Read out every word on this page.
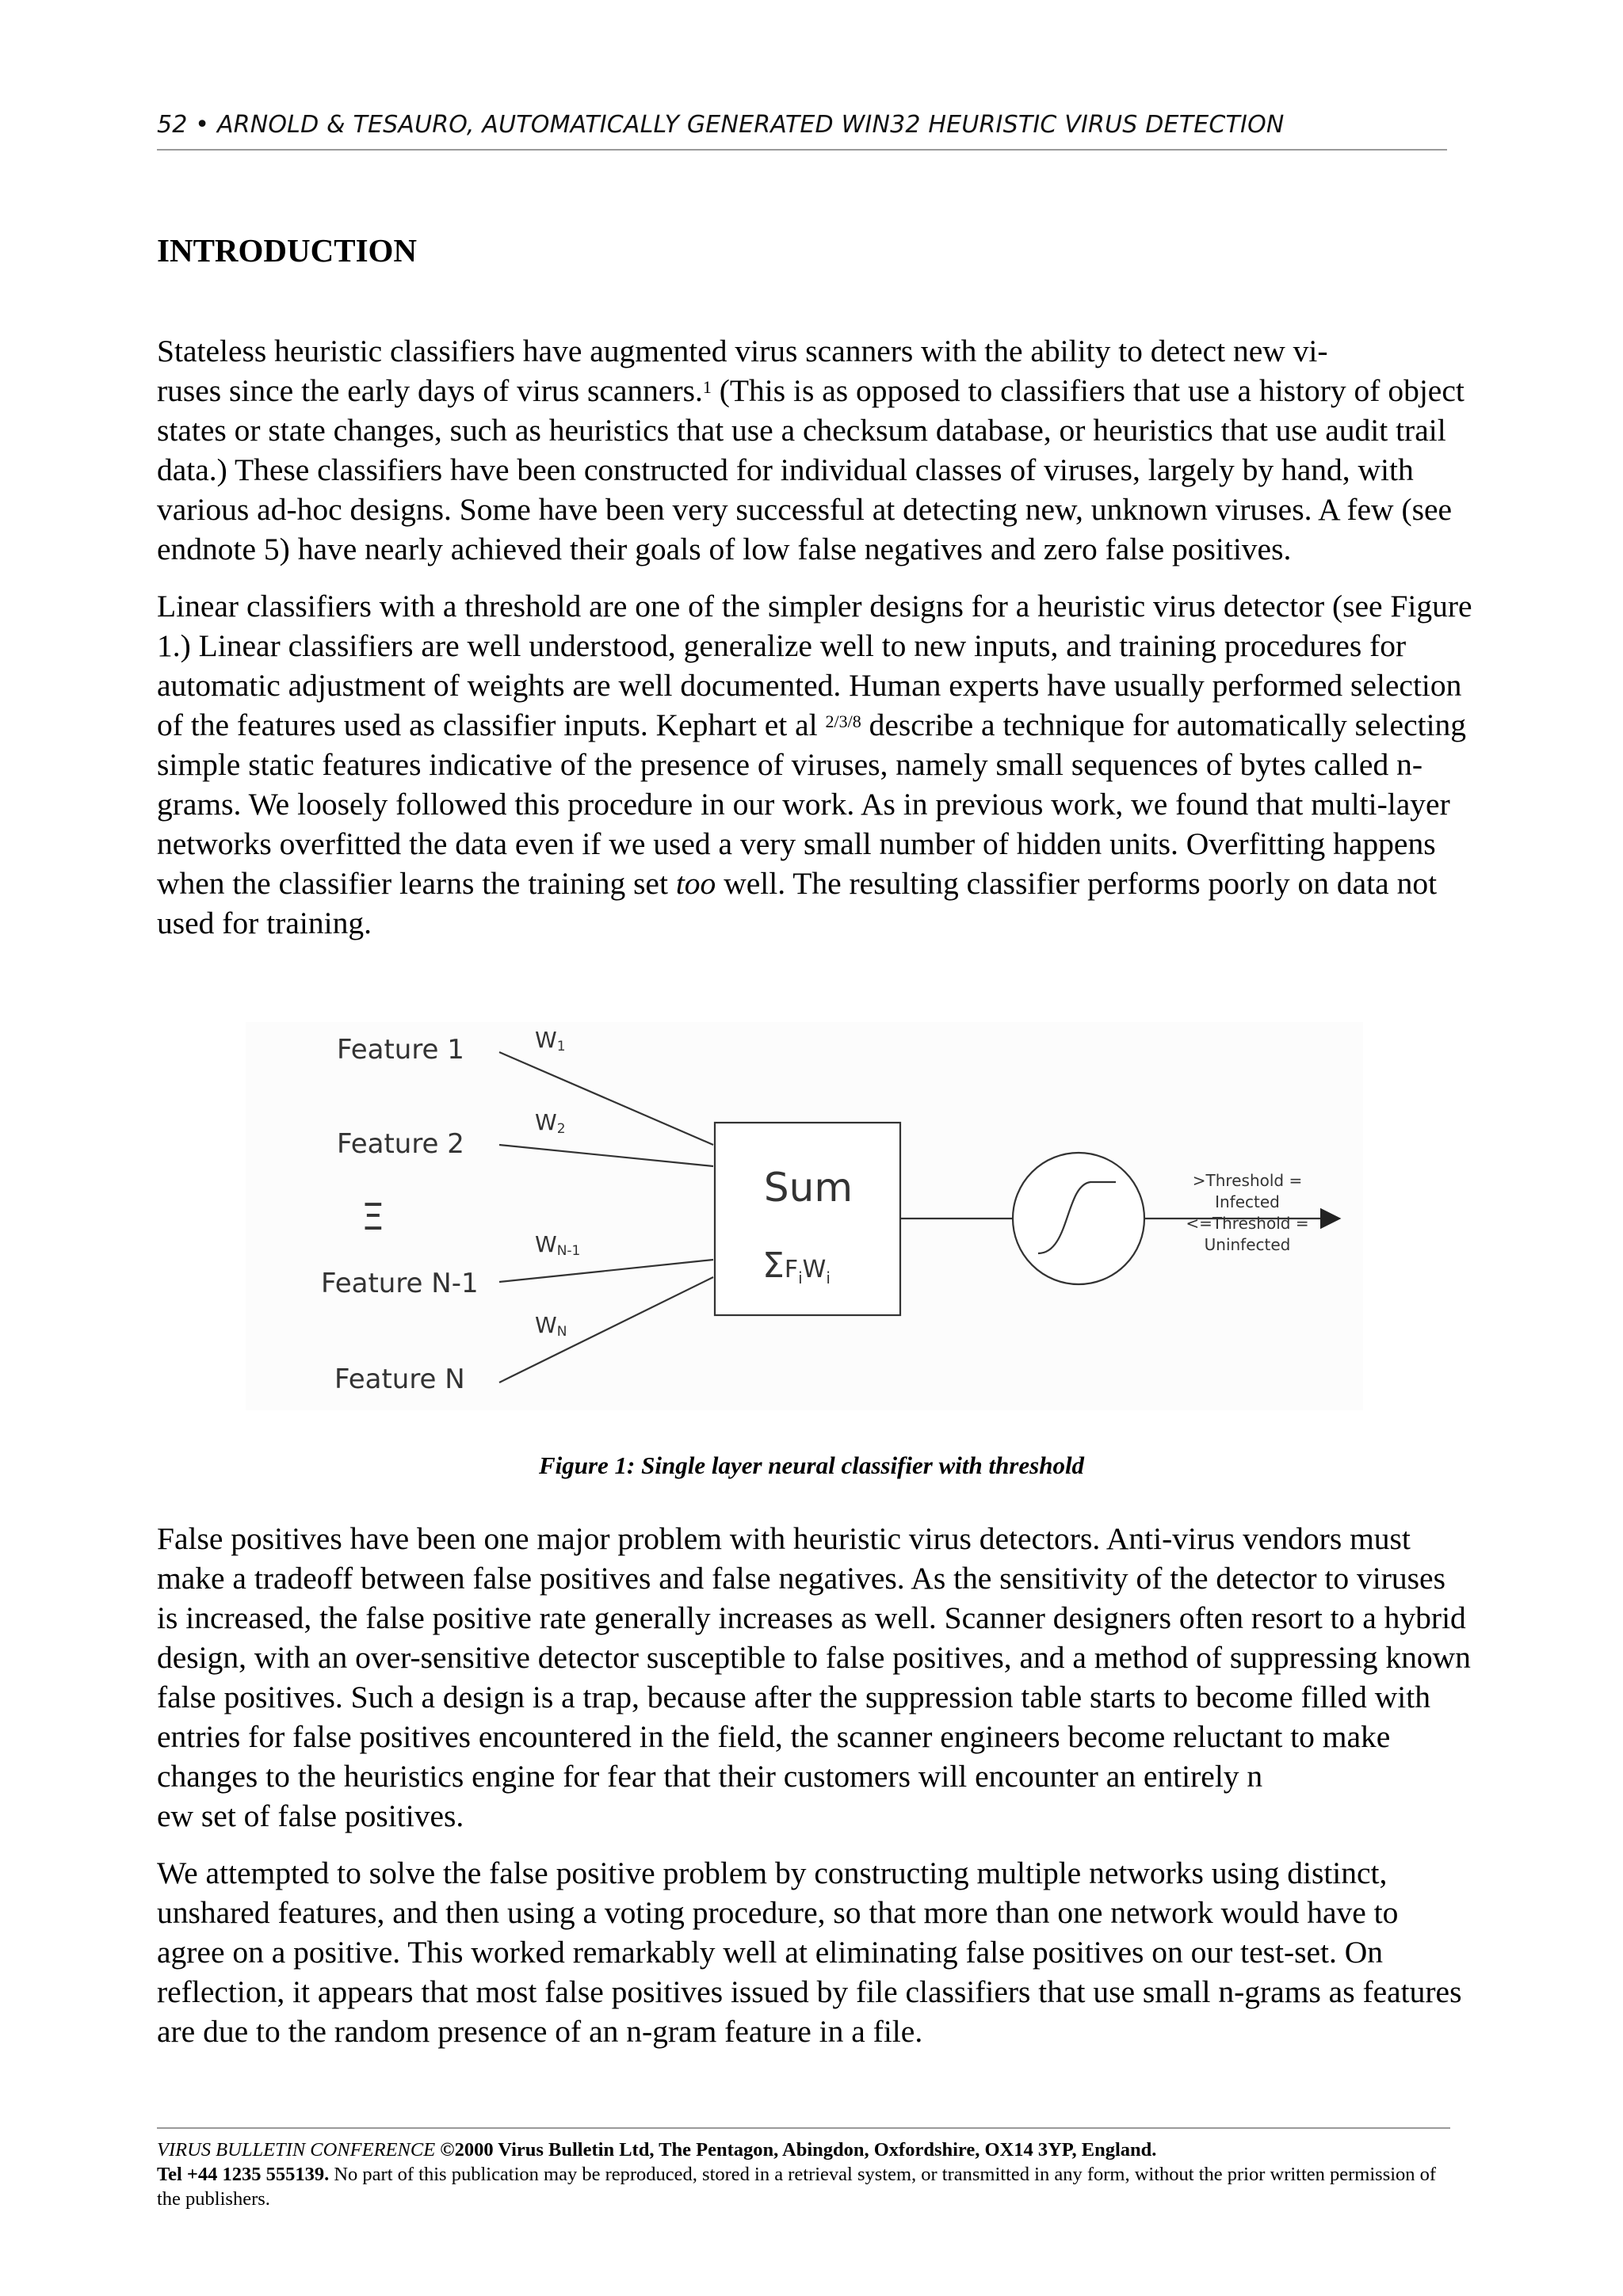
52 • ARNOLD & TESAURO, AUTOMATICALLY GENERATED WIN32 HEURISTIC VIRUS DETECTION
INTRODUCTION

Stateless heuristic classifiers have augmented virus scanners with the ability to detect new vi-
ruses since the early days of virus scanners.$^1$ (This is as opposed to classifiers that use a history of object states or state changes, such as heuristics that use a checksum database, or heuristics that use audit trail data.) These classifiers have been constructed for individual classes of viruses, largely by hand, with various ad-hoc designs. Some have been very successful at detecting new, unknown viruses. A few (see endnote 5) have nearly achieved their goals of low false negatives and zero false positives.

Linear classifiers with a threshold are one of the simpler designs for a heuristic virus detector (see Figure 1.) Linear classifiers are well understood, generalize well to new inputs, and training procedures for automatic adjustment of weights are well documented. Human experts have usually performed selection of the features used as classifier inputs. Kephart et al $^{2/3/8}$ describe a technique for automatically selecting simple static features indicative of the presence of viruses, namely small sequences of bytes called n-grams. We loosely followed this procedure in our work. As in previous work, we found that multi-layer networks overfitted the data even if we used a very small number of hidden units. Overfitting happens when the classifier learns the training set too well. The resulting classifier performs poorly on data not used for training.

Feature 1
Feature 2
Ξ
Feature N-1
Feature N
W1
W2
WN-1
WN
Sum
ΣFiWi
>Threshold =
Infected
<=Threshold =
Uninfected
Figure 1: Single layer neural classifier with threshold

False positives have been one major problem with heuristic virus detectors. Anti-virus vendors must make a tradeoff between false positives and false negatives. As the sensitivity of the detector to viruses is increased, the false positive rate generally increases as well. Scanner designers often resort to a hybrid design, with an over-sensitive detector susceptible to false positives, and a method of suppressing known false positives. Such a design is a trap, because after the suppression table starts to become filled with entries for false positives encountered in the field, the scanner engineers become reluctant to make changes to the heuristics engine for fear that their customers will encounter an entirely n
ew set of false positives.

We attempted to solve the false positive problem by constructing multiple networks using distinct, unshared features, and then using a voting procedure, so that more than one network would have to agree on a positive. This worked remarkably well at eliminating false positives on our test-set. On reflection, it appears that most false positives issued by file classifiers that use small n-grams as features are due to the random presence of an n-gram feature in a file.

VIRUS BULLETIN CONFERENCE ©2000 Virus Bulletin Ltd, The Pentagon, Abingdon, Oxfordshire, OX14 3YP, England.
Tel +44 1235 555139. No part of this publication may be reproduced, stored in a retrieval system, or transmitted in any form, without the prior written permission of the publishers.
